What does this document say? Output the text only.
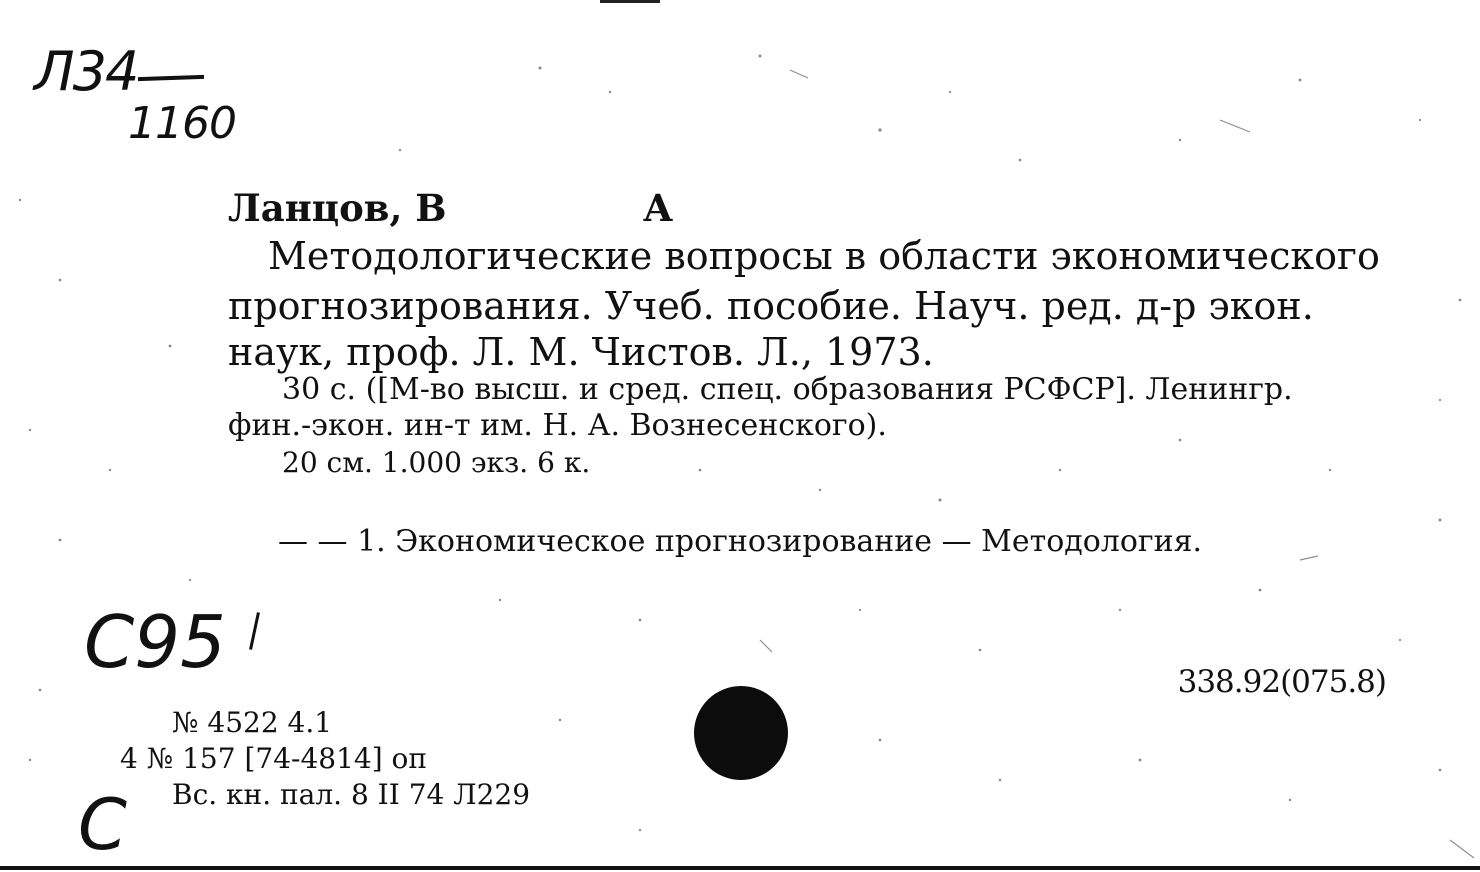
Л34
1160
Ланцов, В	А
Методологические вопросы в области экономического
прогнозирования. Учеб. пособие. Науч. ред. д-р экон.
наук, проф. Л. М. Чистов. Л., 1973.
30 с. ([М-во высш. и сред. спец. образования РСФСР]. Ленингр.
фин.-экон. ин-т им. Н. А. Вознесенского).
20 см. 1.000 экз. 6 к.
— — 1. Экономическое прогнозирование — Методология.
С95	338.92(075.8)
№ 4522 4.1
4 № 157 [74-4814] оп
Вс. кн. пал. 8 II 74 Л229
С
